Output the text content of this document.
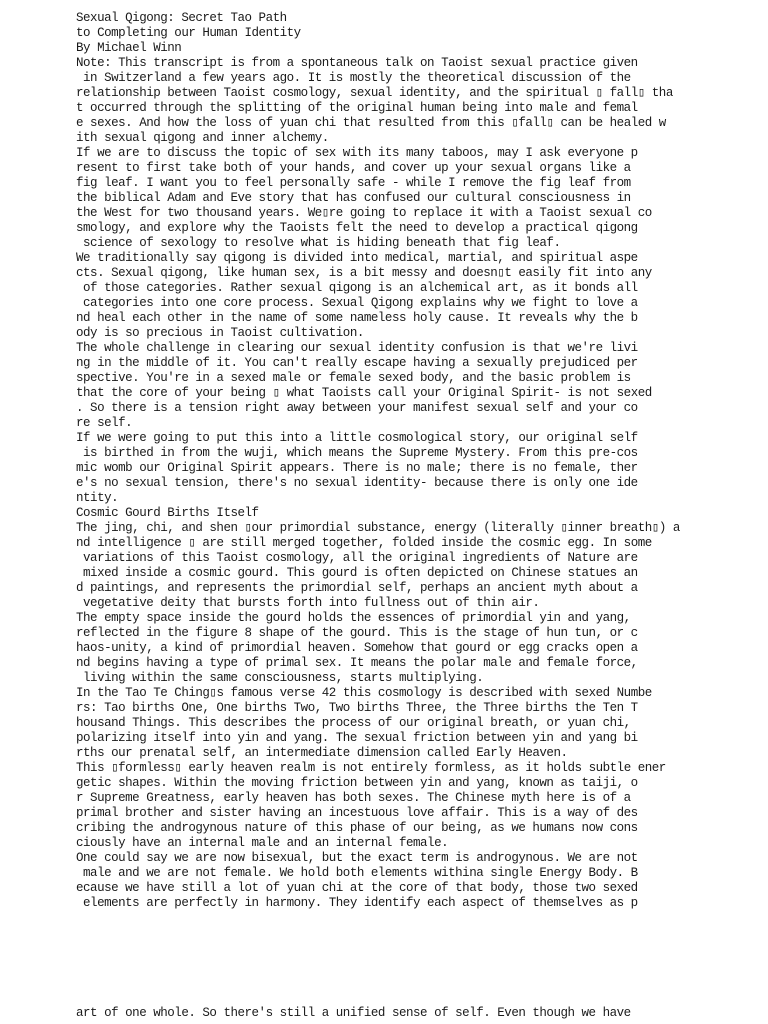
Sexual Qigong: Secret Tao Path
to Completing our Human Identity
By Michael Winn
Note: This transcript is from a spontaneous talk on Taoist sexual practice given
in Switzerland a few years ago. It is mostly the theoretical discussion of the
relationship between Taoist cosmology, sexual identity, and the spiritual ▯ fall▯ tha
t occurred through the splitting of the original human being into male and femal
e sexes. And how the loss of yuan chi that resulted from this ▯fall▯ can be healed w
ith sexual qigong and inner alchemy.
If we are to discuss the topic of sex with its many taboos, may I ask everyone p
resent to first take both of your hands, and cover up your sexual organs like a
fig leaf. I want you to feel personally safe - while I remove the fig leaf from
the biblical Adam and Eve story that has confused our cultural consciousness in
the West for two thousand years. We▯re going to replace it with a Taoist sexual co
smology, and explore why the Taoists felt the need to develop a practical qigong
science of sexology to resolve what is hiding beneath that fig leaf.
We traditionally say qigong is divided into medical, martial, and spiritual aspe
cts. Sexual qigong, like human sex, is a bit messy and doesn▯t easily fit into any
of those categories. Rather sexual qigong is an alchemical art, as it bonds all
categories into one core process. Sexual Qigong explains why we fight to love a
nd heal each other in the name of some nameless holy cause. It reveals why the b
ody is so precious in Taoist cultivation.
The whole challenge in clearing our sexual identity confusion is that we're livi
ng in the middle of it. You can't really escape having a sexually prejudiced per
spective. You're in a sexed male or female sexed body, and the basic problem is
that the core of your being ▯ what Taoists call your Original Spirit- is not sexed
. So there is a tension right away between your manifest sexual self and your co
re self.
If we were going to put this into a little cosmological story, our original self
is birthed in from the wuji, which means the Supreme Mystery. From this pre-cos
mic womb our Original Spirit appears. There is no male; there is no female, ther
e's no sexual tension, there's no sexual identity- because there is only one ide
ntity.
Cosmic Gourd Births Itself
The jing, chi, and shen ▯our primordial substance, energy (literally ▯inner breath▯) a
nd intelligence ▯ are still merged together, folded inside the cosmic egg. In some
variations of this Taoist cosmology, all the original ingredients of Nature are
mixed inside a cosmic gourd. This gourd is often depicted on Chinese statues an
d paintings, and represents the primordial self, perhaps an ancient myth about a
vegetative deity that bursts forth into fullness out of thin air.
The empty space inside the gourd holds the essences of primordial yin and yang,
reflected in the figure 8 shape of the gourd. This is the stage of hun tun, or c
haos-unity, a kind of primordial heaven. Somehow that gourd or egg cracks open a
nd begins having a type of primal sex. It means the polar male and female force,
living within the same consciousness, starts multiplying.
In the Tao Te Ching▯s famous verse 42 this cosmology is described with sexed Numbe
rs: Tao births One, One births Two, Two births Three, the Three births the Ten T
housand Things. This describes the process of our original breath, or yuan chi,
polarizing itself into yin and yang. The sexual friction between yin and yang bi
rths our prenatal self, an intermediate dimension called Early Heaven.
This ▯formless▯ early heaven realm is not entirely formless, as it holds subtle ener
getic shapes. Within the moving friction between yin and yang, known as taiji, o
r Supreme Greatness, early heaven has both sexes. The Chinese myth here is of a
primal brother and sister having an incestuous love affair. This is a way of des
cribing the androgynous nature of this phase of our being, as we humans now cons
ciously have an internal male and an internal female.
One could say we are now bisexual, but the exact term is androgynous. We are not
male and we are not female. We hold both elements withina single Energy Body. B
ecause we have still a lot of yuan chi at the core of that body, those two sexed
elements are perfectly in harmony. They identify each aspect of themselves as p
art of one whole. So there's still a unified sense of self. Even though we have
